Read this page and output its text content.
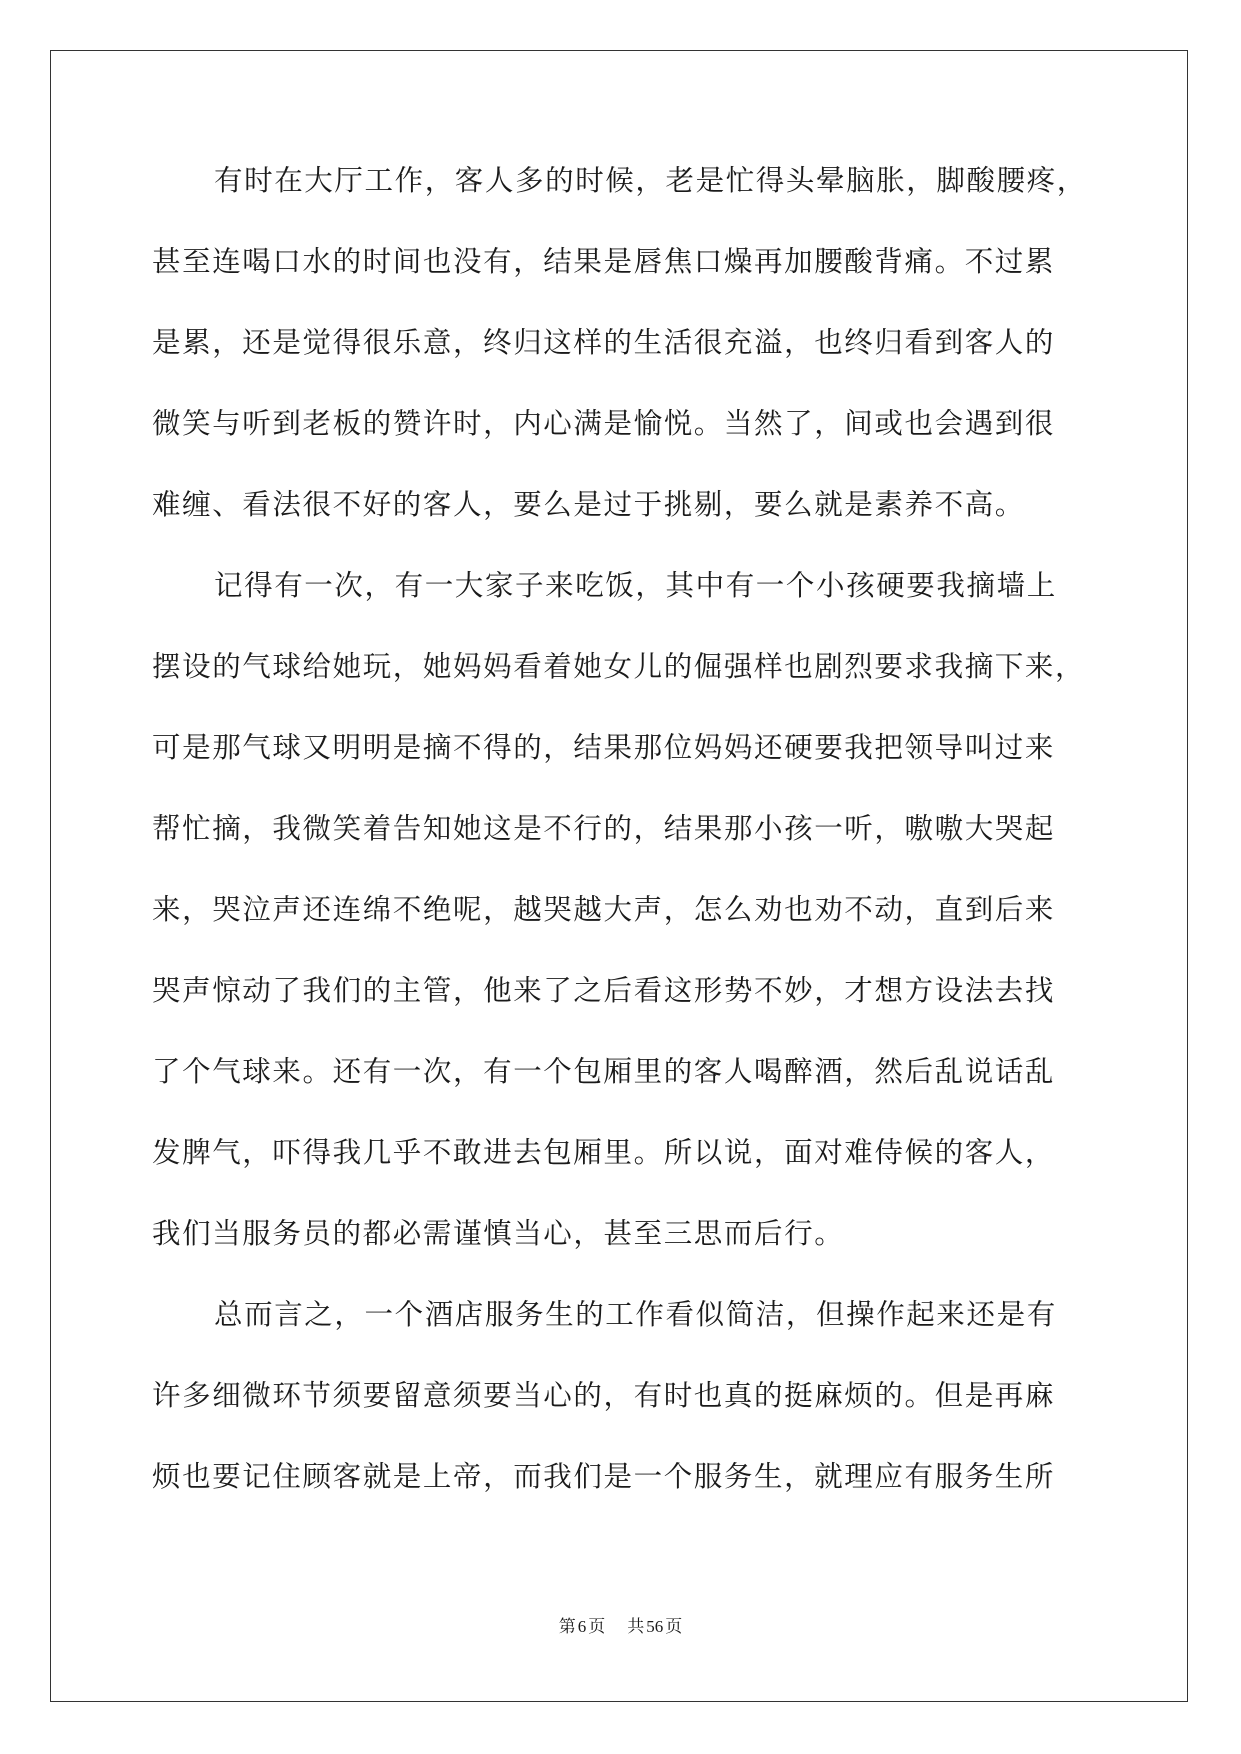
有时在大厅工作，客人多的时候，老是忙得头晕脑胀，脚酸腰疼，
甚至连喝口水的时间也没有，结果是唇焦口燥再加腰酸背痛。不过累
是累，还是觉得很乐意，终归这样的生活很充溢，也终归看到客人的
微笑与听到老板的赞许时，内心满是愉悦。当然了，间或也会遇到很
难缠、看法很不好的客人，要么是过于挑剔，要么就是素养不高。
记得有一次，有一大家子来吃饭，其中有一个小孩硬要我摘墙上
摆设的气球给她玩，她妈妈看着她女儿的倔强样也剧烈要求我摘下来，
可是那气球又明明是摘不得的，结果那位妈妈还硬要我把领导叫过来
帮忙摘，我微笑着告知她这是不行的，结果那小孩一听，嗷嗷大哭起
来，哭泣声还连绵不绝呢，越哭越大声，怎么劝也劝不动，直到后来
哭声惊动了我们的主管，他来了之后看这形势不妙，才想方设法去找
了个气球来。还有一次，有一个包厢里的客人喝醉酒，然后乱说话乱
发脾气，吓得我几乎不敢进去包厢里。所以说，面对难侍候的客人，
我们当服务员的都必需谨慎当心，甚至三思而后行。
总而言之，一个酒店服务生的工作看似简洁，但操作起来还是有
许多细微环节须要留意须要当心的，有时也真的挺麻烦的。但是再麻
烦也要记住顾客就是上帝，而我们是一个服务生，就理应有服务生所
第 6 页 共 56 页
